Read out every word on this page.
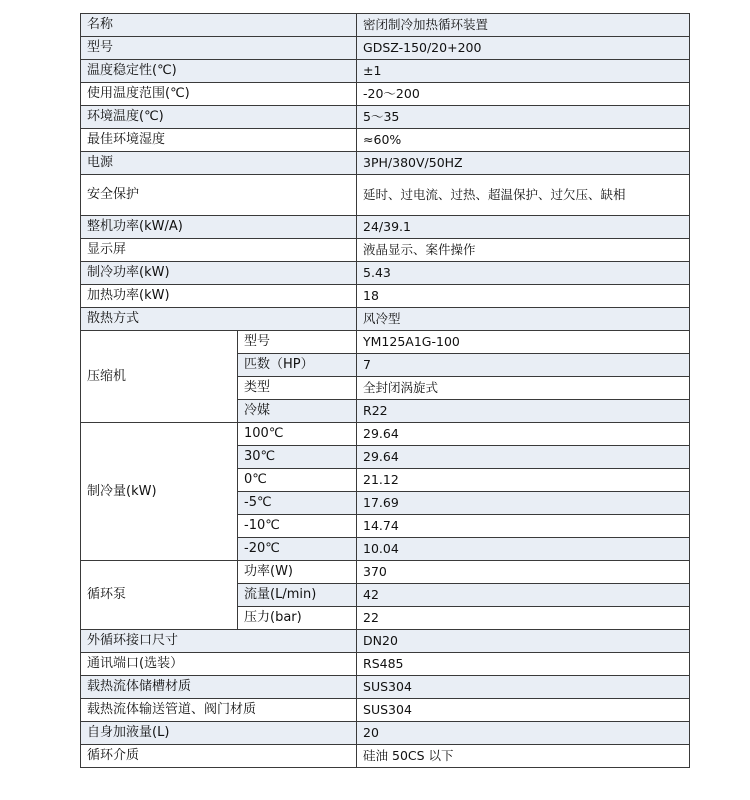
名称		密闭制冷加热循环装置
型号		GDSZ-150/20+200
温度稳定性(℃)		±1
使用温度范围(℃)		-20～200
环境温度(℃)		5～35
最佳环境湿度		≈60%
电源		3PH/380V/50HZ
安全保护		延时、过电流、过热、超温保护、过欠压、缺相
整机功率(kW/A)		24/39.1
显示屏		液晶显示、案件操作
制冷功率(kW)		5.43
加热功率(kW)		18
散热方式		风冷型
压缩机	型号	YM125A1G-100
	匹数（HP）	7
	类型	全封闭涡旋式
	冷媒	R22
制冷量(kW)	100℃	29.64
	30℃	29.64
	0℃	21.12
	-5℃	17.69
	-10℃	14.74
	-20℃	10.04
循环泵	功率(W)	370
	流量(L/min)	42
	压力(bar)	22
外循环接口尺寸		DN20
通讯端口(选装）		RS485
载热流体储槽材质		SUS304
载热流体输送管道、阀门材质		SUS304
自身加液量(L)		20
循环介质		硅油 50CS 以下
